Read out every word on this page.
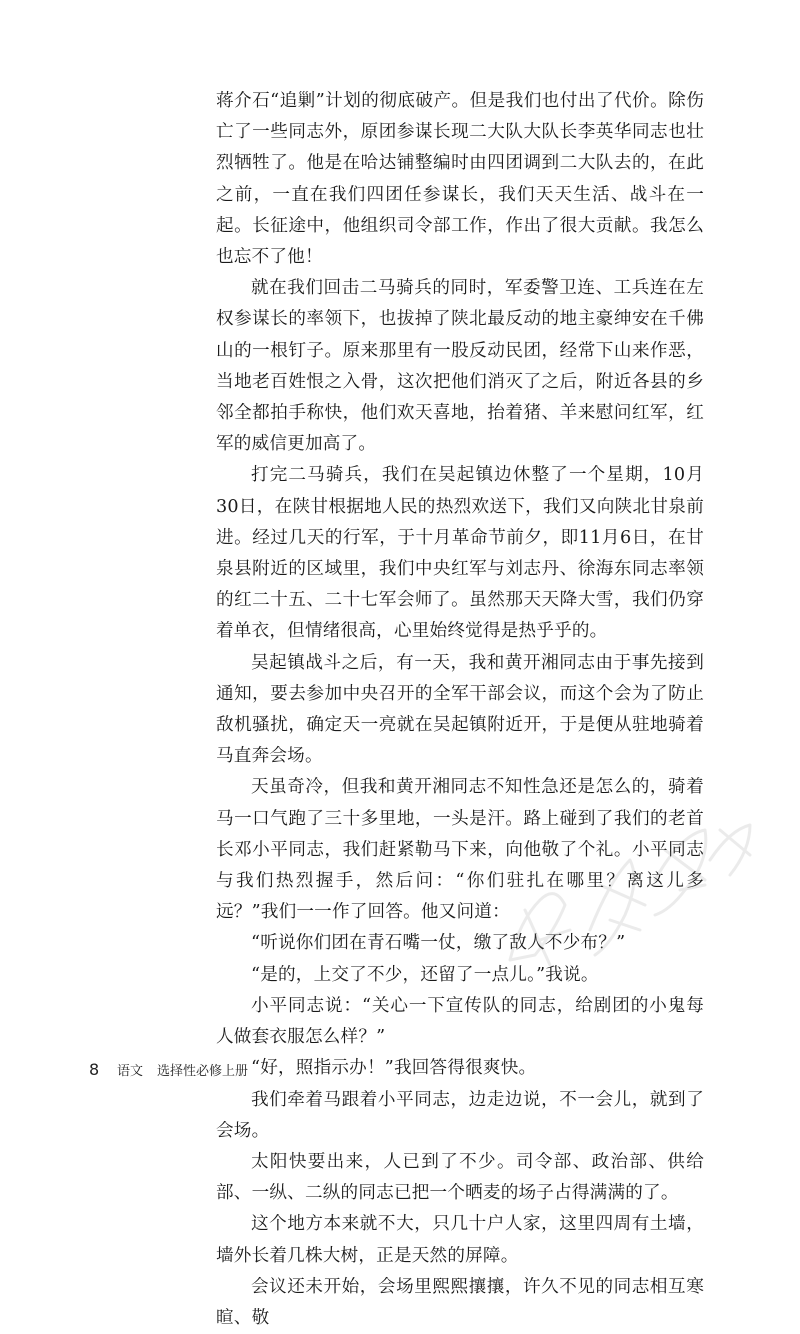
蒋介石“追剿”计划的彻底破产。但是我们也付出了代价。除伤亡了一些同志外，原团参谋长现二大队大队长李英华同志也壮烈牺牲了。他是在哈达铺整编时由四团调到二大队去的，在此之前，一直在我们四团任参谋长，我们天天生活、战斗在一起。长征途中，他组织司令部工作，作出了很大贡献。我怎么也忘不了他！

就在我们回击二马骑兵的同时，军委警卫连、工兵连在左权参谋长的率领下，也拔掉了陕北最反动的地主豪绅安在千佛山的一根钉子。原来那里有一股反动民团，经常下山来作恶，当地老百姓恨之入骨，这次把他们消灭了之后，附近各县的乡邻全都拍手称快，他们欢天喜地，抬着猪、羊来慰问红军，红军的威信更加高了。

打完二马骑兵，我们在吴起镇边休整了一个星期，10月30日，在陕甘根据地人民的热烈欢送下，我们又向陕北甘泉前进。经过几天的行军，于十月革命节前夕，即11月6日，在甘泉县附近的区域里，我们中央红军与刘志丹、徐海东同志率领的红二十五、二十七军会师了。虽然那天天降大雪，我们仍穿着单衣，但情绪很高，心里始终觉得是热乎乎的。

吴起镇战斗之后，有一天，我和黄开湘同志由于事先接到通知，要去参加中央召开的全军干部会议，而这个会为了防止敌机骚扰，确定天一亮就在吴起镇附近开，于是便从驻地骑着马直奔会场。

天虽奇冷，但我和黄开湘同志不知性急还是怎么的，骑着马一口气跑了三十多里地，一头是汗。路上碰到了我们的老首长邓小平同志，我们赶紧勒马下来，向他敬了个礼。小平同志与我们热烈握手，然后问：“你们驻扎在哪里？离这儿多远？”我们一一作了回答。他又问道：

“听说你们团在青石嘴一仗，缴了敌人不少布？”

“是的，上交了不少，还留了一点儿。”我说。

小平同志说：“关心一下宣传队的同志，给剧团的小鬼每人做套衣服怎么样？”

“好，照指示办！”我回答得很爽快。

我们牵着马跟着小平同志，边走边说，不一会儿，就到了会场。

太阳快要出来，人已到了不少。司令部、政治部、供给部、一纵、二纵的同志已把一个晒麦的场子占得满满的了。

这个地方本来就不大，只几十户人家，这里四周有土墙，墙外长着几株大树，正是天然的屏障。

会议还未开始，会场里熙熙攘攘，许久不见的同志相互寒暄、敬

8	语文 选择性必修上册
